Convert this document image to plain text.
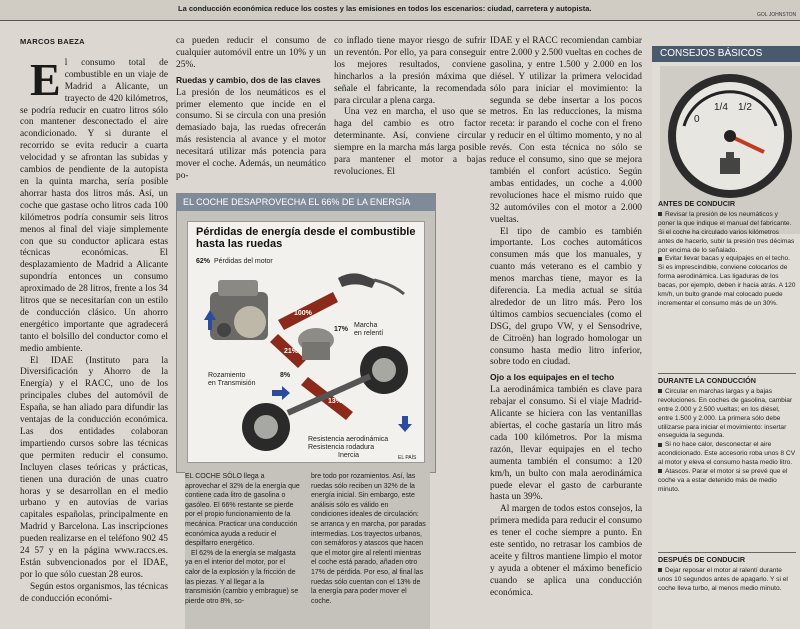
La conducción económica reduce los costes y las emisiones en todos los escenarios: ciudad, carretera y autopista.
GOL JOHNSTON
MARCOS BAEZA
E l consumo total de combustible en un viaje de Madrid a Alicante, un trayecto de 420 kilómetros, se podría reducir en cuatro litros sólo con mantener desconectado el aire acondicionado. Y si durante el recorrido se evita reducir a cuarta velocidad y se afrontan las subidas y cambios de pendiente de la autopista en la quinta marcha, sería posible ahorrar hasta dos litros más. Así, un coche que gastase ocho litros cada 100 kilómetros podría consumir seis litros menos al final del viaje simplemente con que su conductor aplicara estas técnicas económicas. El desplazamiento de Madrid a Alicante supondría entonces un consumo aproximado de 28 litros, frente a los 34 litros que se necesitarían con un estilo de conducción clásico. Un ahorro energético importante que agradecerá tanto el bolsillo del conductor como el medio ambiente.

El IDAE (Instituto para la Diversificación y Ahorro de la Energía) y el RACC, uno de los principales clubes del automóvil de España, se han aliado para difundir las ventajas de la conducción económica. Las dos entidades colaboran impartiendo cursos sobre las técnicas que permiten reducir el consumo. Incluyen clases teóricas y prácticas, tienen una duración de unas cuatro horas y se desarrollan en el medio urbano y en autovías de varias capitales españolas, principalmente en Madrid y Barcelona. Las inscripciones pueden realizarse en el teléfono 902 45 24 57 y en la página www.raccs.es. Están subvencionados por el IDAE, por lo que sólo cuestan 28 euros.

Según estos organismos, las técnicas de conducción económi-

ca pueden reducir el consumo de cualquier automóvil entre un 10% y un 25%.

Ruedas y cambio, dos de las claves

La presión de los neumáticos es el primer elemento que incide en el consumo. Si se circula con una presión demasiado baja, las ruedas ofrecerán más resistencia al avance y el motor necesitará utilizar más potencia para mover el coche. Además, un neumático po-

co inflado tiene mayor riesgo de sufrir un reventón. Por ello, ya para conseguir los mejores resultados, conviene hincharlos a la presión máxima que señale el fabricante, la recomendada para circular a plena carga.

Una vez en marcha, el uso que se haga del cambio es otro factor determinante. Así, conviene circular siempre en la marcha más larga posible para mantener el motor a bajas revoluciones. El

IDAE y el RACC recomiendan cambiar entre 2.000 y 2.500 vueltas en coches de gasolina, y entre 1.500 y 2.000 en los diésel. Y utilizar la primera velocidad sólo para iniciar el movimiento: la segunda se debe insertar a los pocos metros. En las reducciones, la misma receta: ir parando el coche con el freno y reducir en el último momento, y no al revés. Con esta técnica no sólo se reduce el consumo, sino que se mejora también el confort acústico. Según ambas entidades, un coche a 4.000 revoluciones hace el mismo ruido que 32 automóviles con el motor a 2.000 vueltas.

El tipo de cambio es también importante. Los coches automáticos consumen más que los manuales, y cuanto más veterano es el cambio y menos marchas tiene, mayor es la diferencia. La media actual se sitúa alrededor de un litro más. Pero los últimos cambios secuenciales (como el DSG, del grupo VW, y el Sensodrive, de Citroën) han logrado homologar un consumo hasta medio litro inferior, sobre todo en ciudad.

Ojo a los equipajes en el techo

La aerodinámica también es clave para rebajar el consumo. Si el viaje Madrid-Alicante se hiciera con las ventanillas abiertas, el coche gastaría un litro más cada 100 kilómetros. Por la misma razón, llevar equipajes en el techo aumenta también el consumo: a 120 km/h, un bulto con mala aerodinámica puede elevar el gasto de carburante hasta un 39%.

Al margen de todos estos consejos, la primera medida para reducir el consumo es tener el coche siempre a punto. En este sentido, no retrasar los cambios de aceite y filtros mantiene limpio el motor y ayuda a obtener el máximo beneficio cuando se aplica una conducción económica.

EL COCHE DESAPROVECHA EL 66% DE LA ENERGÍA
Pérdidas de energía desde el combustible hasta las ruedas
62% Pérdidas del motor
100%
17%
Marcha
en relentí
21%
8%
Rozamiento
en Transmisión
13%
Resistencia aerodinámica
Resistencia rodadura
Inercia	EL PAÍS

EL COCHE SÓLO llega a aprovechar el 32% de la energía que contiene cada litro de gasolina o gasóleo. El 66% restante se pierde por el propio funcionamiento de la mecánica. Practicar una conducción económica ayuda a reducir el despilfarro energético.

El 62% de la energía se malgasta ya en el interior del motor, por el calor de la explosión y la fricción de las piezas. Y al llegar a la transmisión (cambio y embrague) se pierde otro 8%, so-

bre todo por rozamientos. Así, las ruedas sólo reciben un 32% de la energía inicial. Sin embargo, este análisis sólo es válido en condiciones ideales de circulación: se arranca y en marcha, por paradas intermedias. Los trayectos urbanos, con semáforos y atascos que hacen que el motor gire al relentí mientras el coche está parado, añaden otro 17% de pérdida. Por eso, al final las ruedas sólo cuentan con el 13% de la energía para poder mover el coche.

CONSEJOS BÁSICOS
0
1/4 1/2
ANTES DE CONDUCIR

Revisar la presión de los neumáticos y poner la que indique el manual del fabricante. Si el coche ha circulado varios kilómetros antes de hacerlo, subir la presión tres décimas por encima de lo señalado.

Evitar llevar bacas y equipajes en el techo. Si es imprescindible, conviene colocarlos de forma aerodinámica. Las ligaduras de los bacas, por ejemplo, deben ir hacia atrás. A 120 km/h, un bulto grande mal colocado puede incrementar el consumo más de un 30%.

DURANTE LA CONDUCCIÓN

Circular en marchas largas y a bajas revoluciones. En coches de gasolina, cambiar entre 2.000 y 2.500 vueltas; en los diésel, entre 1.500 y 2.000. La primera sólo debe utilizarse para iniciar el movimiento: insertar enseguida la segunda.

Si no hace calor, desconectar el aire acondicionado. Este accesorio roba unos 8 CV al motor y eleva el consumo hasta medio litro.

Atascos. Parar el motor si se prevé que el coche va a estar detenido más de medio minuto.

DESPUÉS DE CONDUCIR

Dejar reposar el motor al ralentí durante unos 10 segundos antes de apagarlo. Y si el coche lleva turbo, al menos medio minuto.
